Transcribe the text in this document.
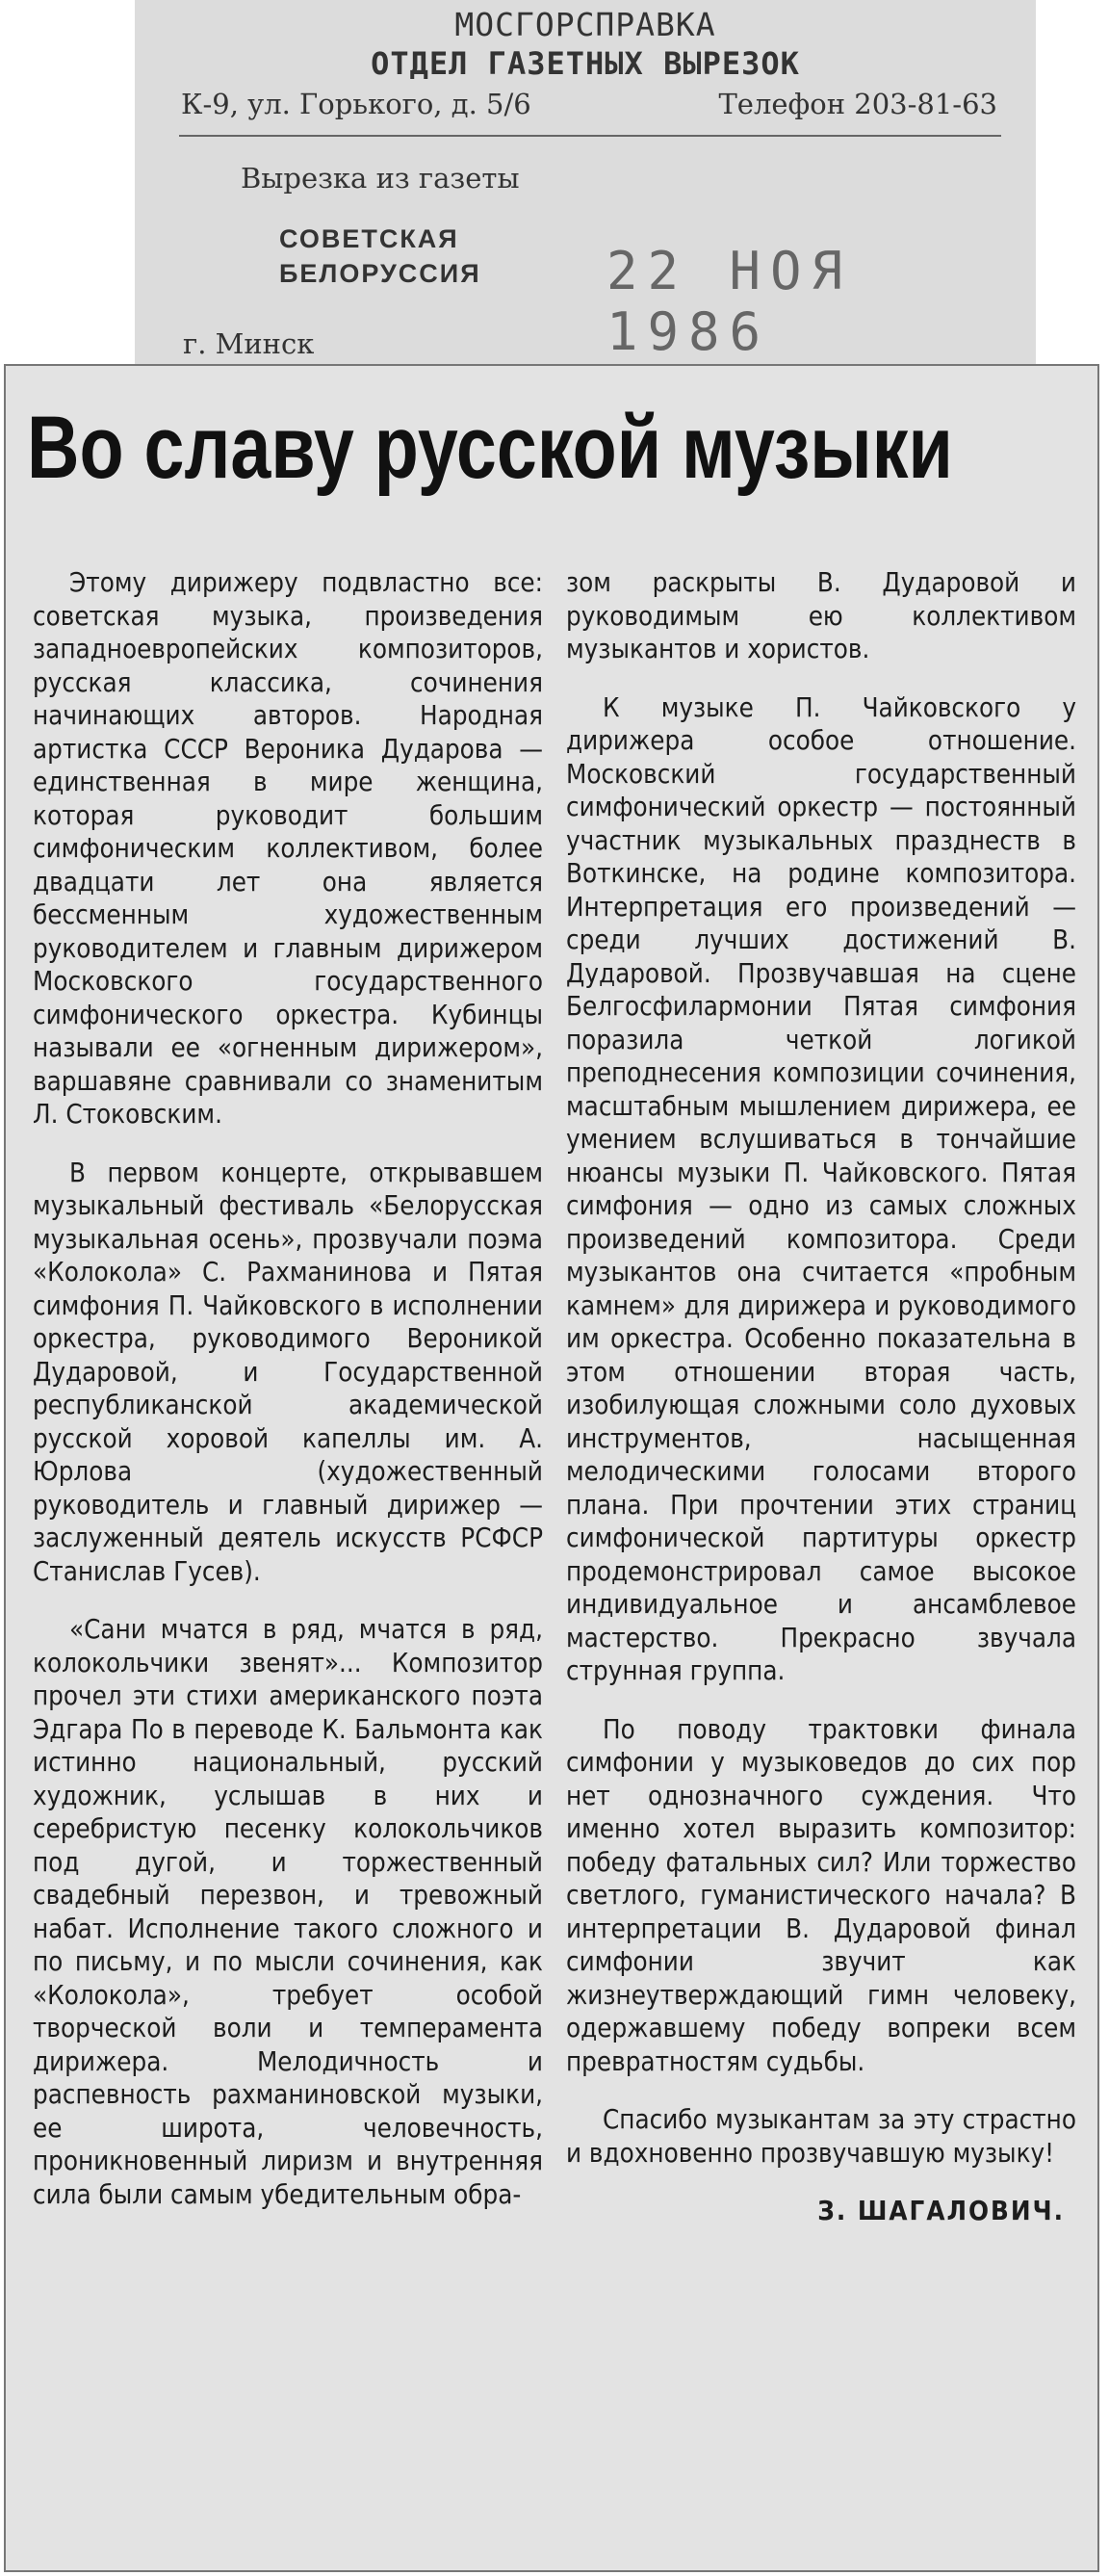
МОСГОРСПРАВКА
ОТДЕЛ ГАЗЕТНЫХ ВЫРЕЗОК
К-9, ул. Горького, д. 5/6	Телефон 203-81-63
Вырезка из газеты
СОВЕТСКАЯ
БЕЛОРУССИЯ 22 НОЯ 1986
г. Минск
Во славу русской музыки

Этому дирижеру подвластно все: советская музыка, произведения западноевропейских композиторов, русская классика, сочинения начинающих авторов. Народная артистка СССР Вероника Дударова — единственная в мире женщина, которая руководит большим симфоническим коллективом, более двадцати лет она является бессменным художественным руководителем и главным дирижером Московского государственного симфонического оркестра. Кубинцы называли ее «огненным дирижером», варшавяне сравнивали со знаменитым Л. Стоковским.

В первом концерте, открывавшем музыкальный фестиваль «Белорусская музыкальная осень», прозвучали поэма «Колокола» С. Рахманинова и Пятая симфония П. Чайковского в исполнении оркестра, руководимого Вероникой Дударовой, и Государственной республиканской академической русской хоровой капеллы им. А. Юрлова (художественный руководитель и главный дирижер — заслуженный деятель искусств РСФСР Станислав Гусев).

«Сани мчатся в ряд, мчатся в ряд, колокольчики звенят»... Композитор прочел эти стихи американского поэта Эдгара По в переводе К. Бальмонта как истинно национальный, русский художник, услышав в них и серебристую песенку колокольчиков под дугой, и торжественный свадебный перезвон, и тревожный набат. Исполнение такого сложного и по письму, и по мысли сочинения, как «Колокола», требует особой творческой воли и темперамента дирижера. Мелодичность и распевность рахманиновской музыки, ее широта, человечность, проникновенный лиризм и внутренняя сила были самым убедительным обра-

зом раскрыты В. Дударовой и руководимым ею коллективом музыкантов и хористов.

К музыке П. Чайковского у дирижера особое отношение. Московский государственный симфонический оркестр — постоянный участник музыкальных празднеств в Воткинске, на родине композитора. Интерпретация его произведений — среди лучших достижений В. Дударовой. Прозвучавшая на сцене Белгосфилармонии Пятая симфония поразила четкой логикой преподнесения композиции сочинения, масштабным мышлением дирижера, ее умением вслушиваться в тончайшие нюансы музыки П. Чайковского. Пятая симфония — одно из самых сложных произведений композитора. Среди музыкантов она считается «пробным камнем» для дирижера и руководимого им оркестра. Особенно показательна в этом отношении вторая часть, изобилующая сложными соло духовых инструментов, насыщенная мелодическими голосами второго плана. При прочтении этих страниц симфонической партитуры оркестр продемонстрировал самое высокое индивидуальное и ансамблевое мастерство. Прекрасно звучала струнная группа.

По поводу трактовки финала симфонии у музыковедов до сих пор нет однозначного суждения. Что именно хотел выразить композитор: победу фатальных сил? Или торжество светлого, гуманистического начала? В интерпретации В. Дударовой финал симфонии звучит как жизнеутверждающий гимн человеку, одержавшему победу вопреки всем превратностям судьбы.

Спасибо музыкантам за эту страстно и вдохновенно прозвучавшую музыку!

З. ШАГАЛОВИЧ.
